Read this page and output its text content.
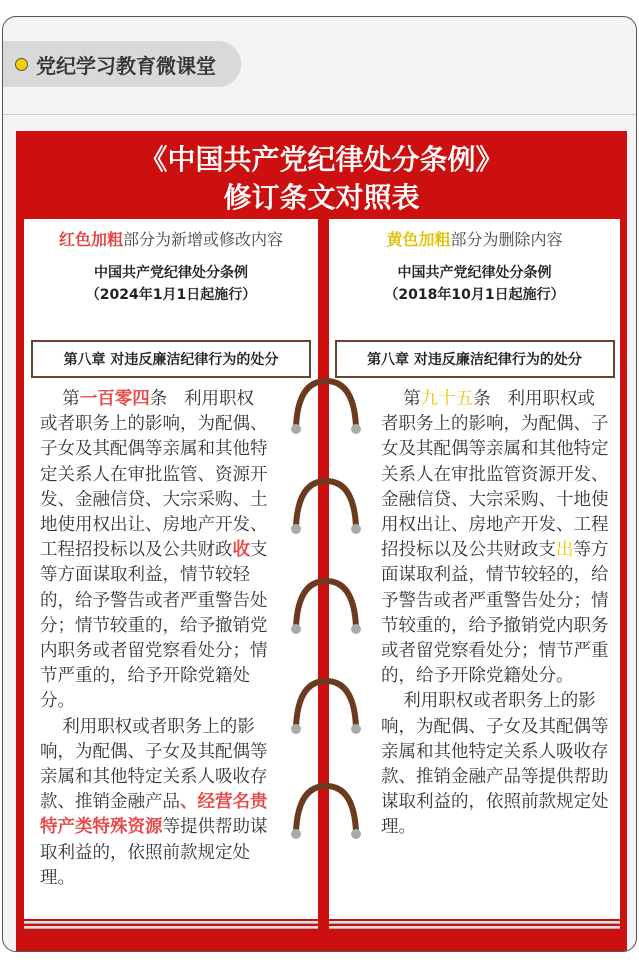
党纪学习教育微课堂
《中国共产党纪律处分条例》
修订条文对照表
红色加粗部分为新增或修改内容
中国共产党纪律处分条例
（2024年1月1日起施行）
第八章 对违反廉洁纪律行为的处分
第一百零四条   利用职权
或者职务上的影响，为配偶、
子女及其配偶等亲属和其他特
定关系人在审批监管、资源开
发、金融信贷、大宗采购、土
地使用权出让、房地产开发、
工程招投标以及公共财政收支
等方面谋取利益，情节较轻
的，给予警告或者严重警告处
分；情节较重的，给予撤销党
内职务或者留党察看处分；情
节严重的，给予开除党籍处
分。
利用职权或者职务上的影
响，为配偶、子女及其配偶等
亲属和其他特定关系人吸收存
款、推销金融产品、经营名贵
特产类特殊资源等提供帮助谋
取利益的，依照前款规定处
理。
黄色加粗部分为删除内容
中国共产党纪律处分条例
（2018年10月1日起施行）
第八章 对违反廉洁纪律行为的处分
第九十五条   利用职权或
者职务上的影响，为配偶、子
女及其配偶等亲属和其他特定
关系人在审批监管资源开发、
金融信贷、大宗采购、十地使
用权出让、房地产开发、工程
招投标以及公共财政支出等方
面谋取利益，情节较轻的，给
予警告或者严重警告处分；情
节较重的，给予撤销党内职务
或者留党察看处分；情节严重
的，给予开除党籍处分。
利用职权或者职务上的影
响，为配偶、子女及其配偶等
亲属和其他特定关系人吸收存
款、推销金融产品等提供帮助
谋取利益的，依照前款规定处
理。
